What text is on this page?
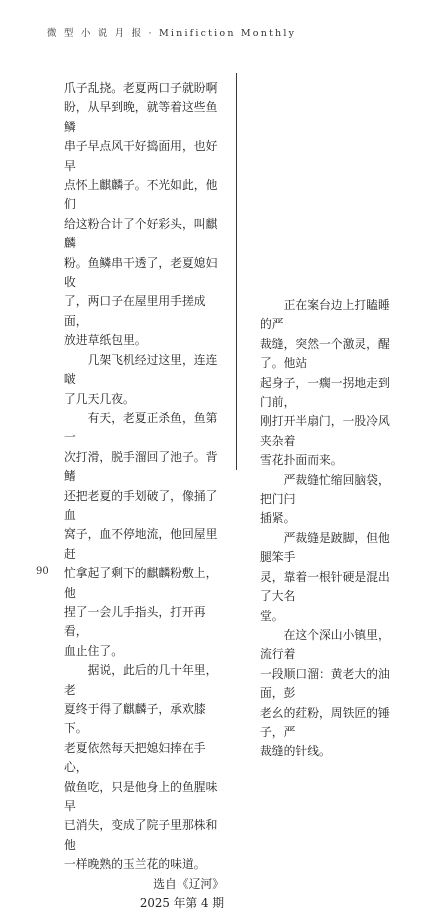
微 型 小 说 月 报 · Minifiction Monthly

爪子乱挠。老夏两口子就盼啊

盼，从早到晚，就等着这些鱼鳞

串子早点风干好捣面用，也好早

点怀上麒麟子。不光如此，他们

给这粉合计了个好彩头，叫麒麟

粉。鱼鳞串干透了，老夏媳妇收

了，两口子在屋里用手搓成面，

放进草纸包里。

几架飞机经过这里，连连啵

了几天几夜。

有天，老夏正杀鱼，鱼第一

次打滑，脱手溜回了池子。背鳍

还把老夏的手划破了，像捅了血

窝子，血不停地流，他回屋里赶

忙拿起了剩下的麒麟粉敷上，他

捏了一会儿手指头，打开再看，

血止住了。

据说，此后的几十年里，老

夏终于得了麒麟子，承欢膝下。

老夏依然每天把媳妇捧在手心，

做鱼吃，只是他身上的鱼腥味早

已消失，变成了院子里那株和他

一样晚熟的玉兰花的味道。

选自《辽河》

2025 年第 4 期

正在案台边上打瞌睡的严

裁缝，突然一个激灵，醒了。他站

起身子，一瘸一拐地走到门前，

刚打开半扇门，一股冷风夹杂着

雪花扑面而来。

严裁缝忙缩回脑袋，把门闩

插紧。

严裁缝是跛脚，但他腿笨手

灵，靠着一根针硬是混出了大名

堂。

在这个深山小镇里，流行着

一段顺口溜：黄老大的油面，彭

老幺的荭粉，周铁匠的锤子，严

裁缝的针线。

90
